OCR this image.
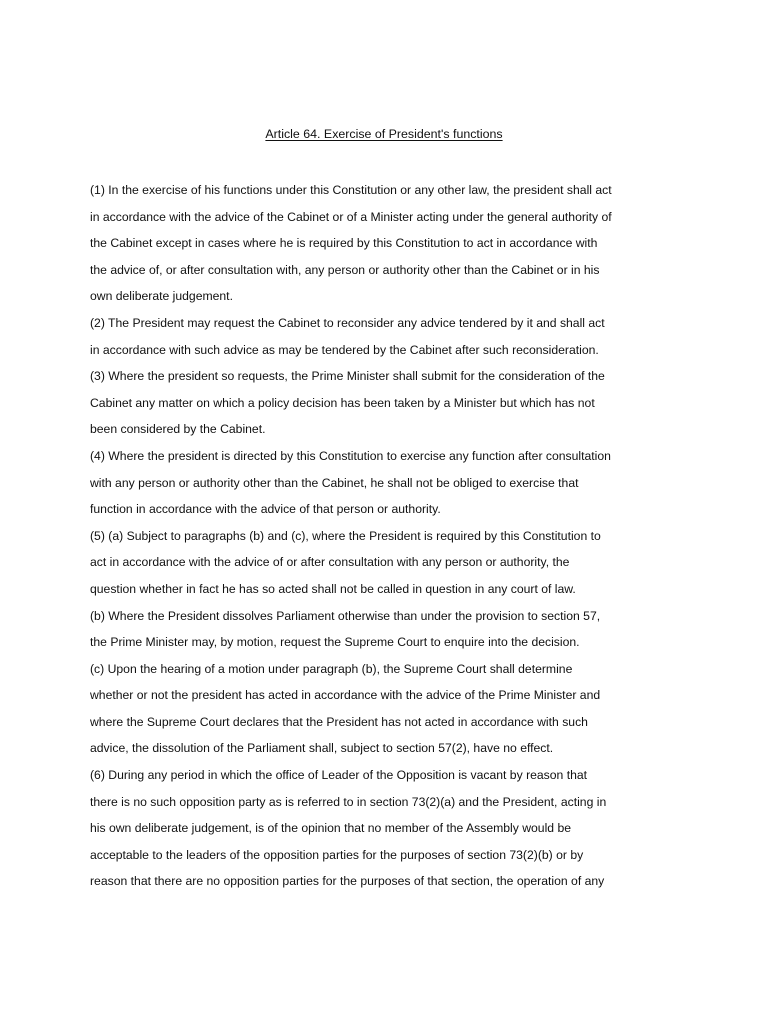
Article 64. Exercise of President's functions
(1) In the exercise of his functions under this Constitution or any other law, the president shall act
in accordance with the advice of the Cabinet or of a Minister acting under the general authority of
the Cabinet except in cases where he is required by this Constitution to act in accordance with
the advice of, or after consultation with, any person or authority other than the Cabinet or in his
own deliberate judgement.
(2) The President may request the Cabinet to reconsider any advice tendered by it and shall act
in accordance with such advice as may be tendered by the Cabinet after such reconsideration.
(3) Where the president so requests, the Prime Minister shall submit for the consideration of the
Cabinet any matter on which a policy decision has been taken by a Minister but which has not
been considered by the Cabinet.
(4) Where the president is directed by this Constitution to exercise any function after consultation
with any person or authority other than the Cabinet, he shall not be obliged to exercise that
function in accordance with the advice of that person or authority.
(5) (a) Subject to paragraphs (b) and (c), where the President is required by this Constitution to
act in accordance with the advice of or after consultation with any person or authority, the
question whether in fact he has so acted shall not be called in question in any court of law.
(b) Where the President dissolves Parliament otherwise than under the provision to section 57,
the Prime Minister may, by motion, request the Supreme Court to enquire into the decision.
(c) Upon the hearing of a motion under paragraph (b), the Supreme Court shall determine
whether or not the president has acted in accordance with the advice of the Prime Minister and
where the Supreme Court declares that the President has not acted in accordance with such
advice, the dissolution of the Parliament shall, subject to section 57(2), have no effect.
(6) During any period in which the office of Leader of the Opposition is vacant by reason that
there is no such opposition party as is referred to in section 73(2)(a) and the President, acting in
his own deliberate judgement, is of the opinion that no member of the Assembly would be
acceptable to the leaders of the opposition parties for the purposes of section 73(2)(b) or by
reason that there are no opposition parties for the purposes of that section, the operation of any
